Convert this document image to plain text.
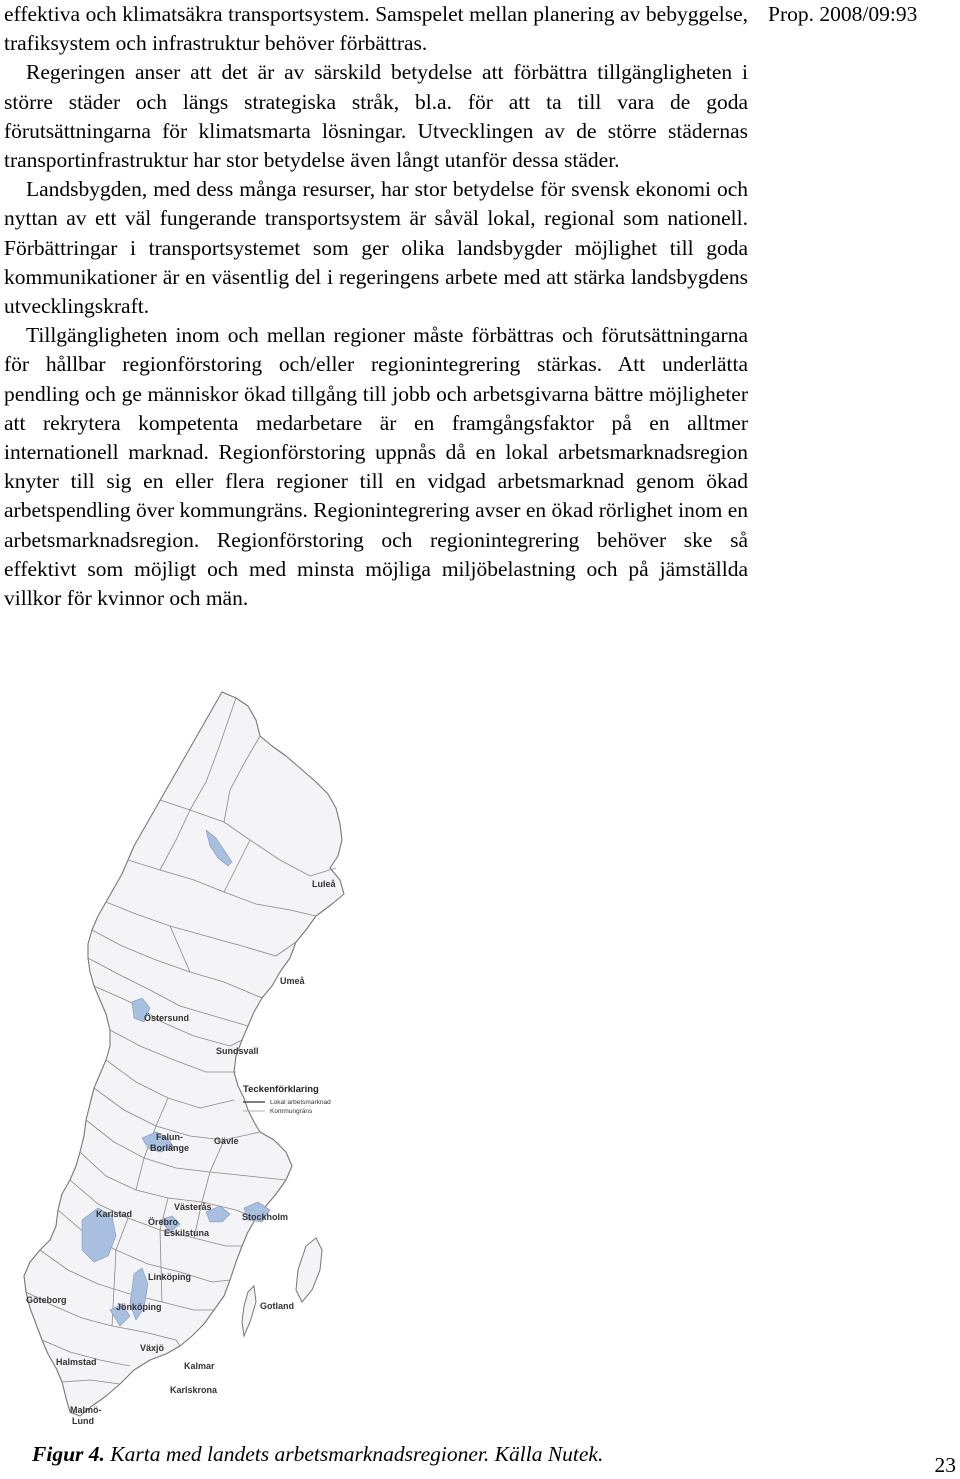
Prop. 2008/09:93

effektiva och klimatsäkra transportsystem. Samspelet mellan planering av bebyggelse, trafiksystem och infrastruktur behöver förbättras.

Regeringen anser att det är av särskild betydelse att förbättra tillgängligheten i större städer och längs strategiska stråk, bl.a. för att ta till vara de goda förutsättningarna för klimatsmarta lösningar. Utvecklingen av de större städernas transportinfrastruktur har stor betydelse även långt utanför dessa städer.

Landsbygden, med dess många resurser, har stor betydelse för svensk ekonomi och nyttan av ett väl fungerande transportsystem är såväl lokal, regional som nationell. Förbättringar i transportsystemet som ger olika landsbygder möjlighet till goda kommunikationer är en väsentlig del i regeringens arbete med att stärka landsbygdens utvecklingskraft.

Tillgängligheten inom och mellan regioner måste förbättras och förutsättningarna för hållbar regionförstoring och/eller regionintegrering stärkas. Att underlätta pendling och ge människor ökad tillgång till jobb och arbetsgivarna bättre möjligheter att rekrytera kompetenta medarbetare är en framgångsfaktor på en alltmer internationell marknad. Regionförstoring uppnås då en lokal arbetsmarknadsregion knyter till sig en eller flera regioner till en vidgad arbetsmarknad genom ökad arbetspendling över kommungräns. Regionintegrering avser en ökad rörlighet inom en arbetsmarknadsregion. Regionförstoring och regionintegrering behöver ske så effektivt som möjligt och med minsta möjliga miljöbelastning och på jämställda villkor för kvinnor och män.

Teckenförklaring
Lokal arbetsmarknad
Kommungräns
Luleå
Umeå
Östersund
Sundsvall
Falun-
Borlänge
Gävle
Västerås
Karlstad	Stockholm
Örebro
Eskilstuna
Linköping
Göteborg
Jönköping	Gotland
Växjö
Halmstad	Kalmar
Karlskrona
Malmö-
Lund
Figur 4. Karta med landets arbetsmarknadsregioner. Källa Nutek.	23
